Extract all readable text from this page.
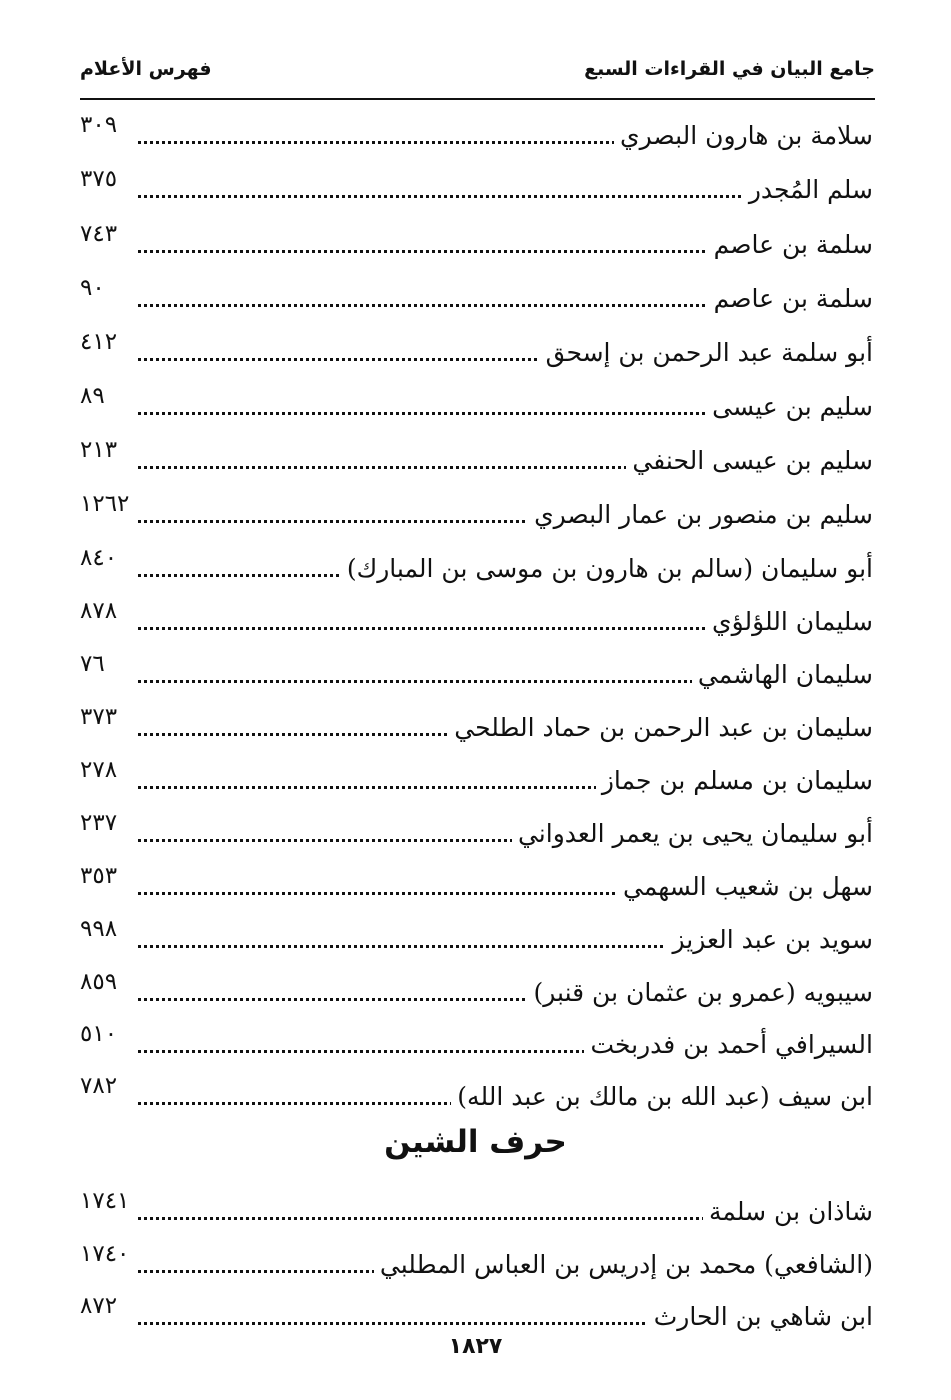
جامع البيان في القراءات السبع
فهرس الأعلام
سلامة بن هارون البصري
٣٠٩
سلم المُجدر
٣٧٥
سلمة بن عاصم
٧٤٣
سلمة بن عاصم
٩٠
أبو سلمة عبد الرحمن بن إسحق
٤١٢
سليم بن عيسى
٨٩
سليم بن عيسى الحنفي
٢١٣
سليم بن منصور بن عمار البصري
١٢٦٢
أبو سليمان (سالم بن هارون بن موسى بن المبارك)
٨٤٠
سليمان اللؤلؤي
٨٧٨
سليمان الهاشمي
٧٦
سليمان بن عبد الرحمن بن حماد الطلحي
٣٧٣
سليمان بن مسلم بن جماز
٢٧٨
أبو سليمان يحيى بن يعمر العدواني
٢٣٧
سهل بن شعيب السهمي
٣٥٣
سويد بن عبد العزيز
٩٩٨
سيبويه (عمرو بن عثمان بن قنبر)
٨٥٩
السيرافي أحمد بن فدربخت
٥١٠
ابن سيف (عبد الله بن مالك بن عبد الله)
٧٨٢
حرف الشين
شاذان بن سلمة
١٧٤١
(الشافعي) محمد بن إدريس بن العباس المطلبي
١٧٤٠
ابن شاهي بن الحارث
٨٧٢
١٨٢٧
